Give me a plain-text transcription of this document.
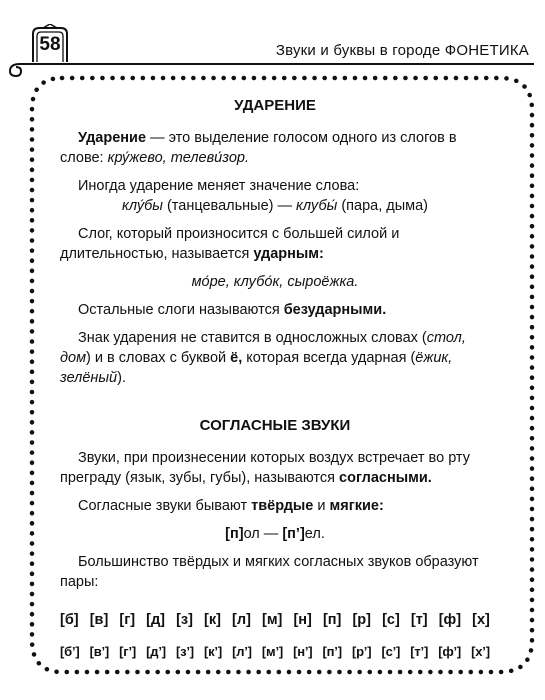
58	Звуки и буквы в городе ФОНЕТИКА
УДАРЕНИЕ

Ударение — это выделение голосом одного из слогов в слове: кру́жево, телеви́зор.

Иногда ударение меняет значение слова:

клу́бы (танцевальные) — клубы́ (пара, дыма)

Слог, который произносится с большей силой и длительностью, называется ударным:

мо́ре, клубо́к, сыроёжка.

Остальные слоги называются безударными.

Знак ударения не ставится в односложных словах (стол, дом) и в словах с буквой ё, которая всегда ударная (ёжик, зелёный).

СОГЛАСНЫЕ ЗВУКИ

Звуки, при произнесении которых воздух встречает во рту преграду (язык, зубы, губы), называются согласными.

Согласные звуки бывают твёрдые и мягкие:

[п]ол — [п’]ел.

Большинство твёрдых и мягких согласных звуков образуют пары:

[б] [в] [г] [д] [з] [к] [л] [м] [н] [п] [р] [с] [т] [ф] [х]
[б’] [в’] [г’] [д’] [з’] [к’] [л’] [м’] [н’] [п’] [р’] [с’] [т’] [ф’] [х’]
